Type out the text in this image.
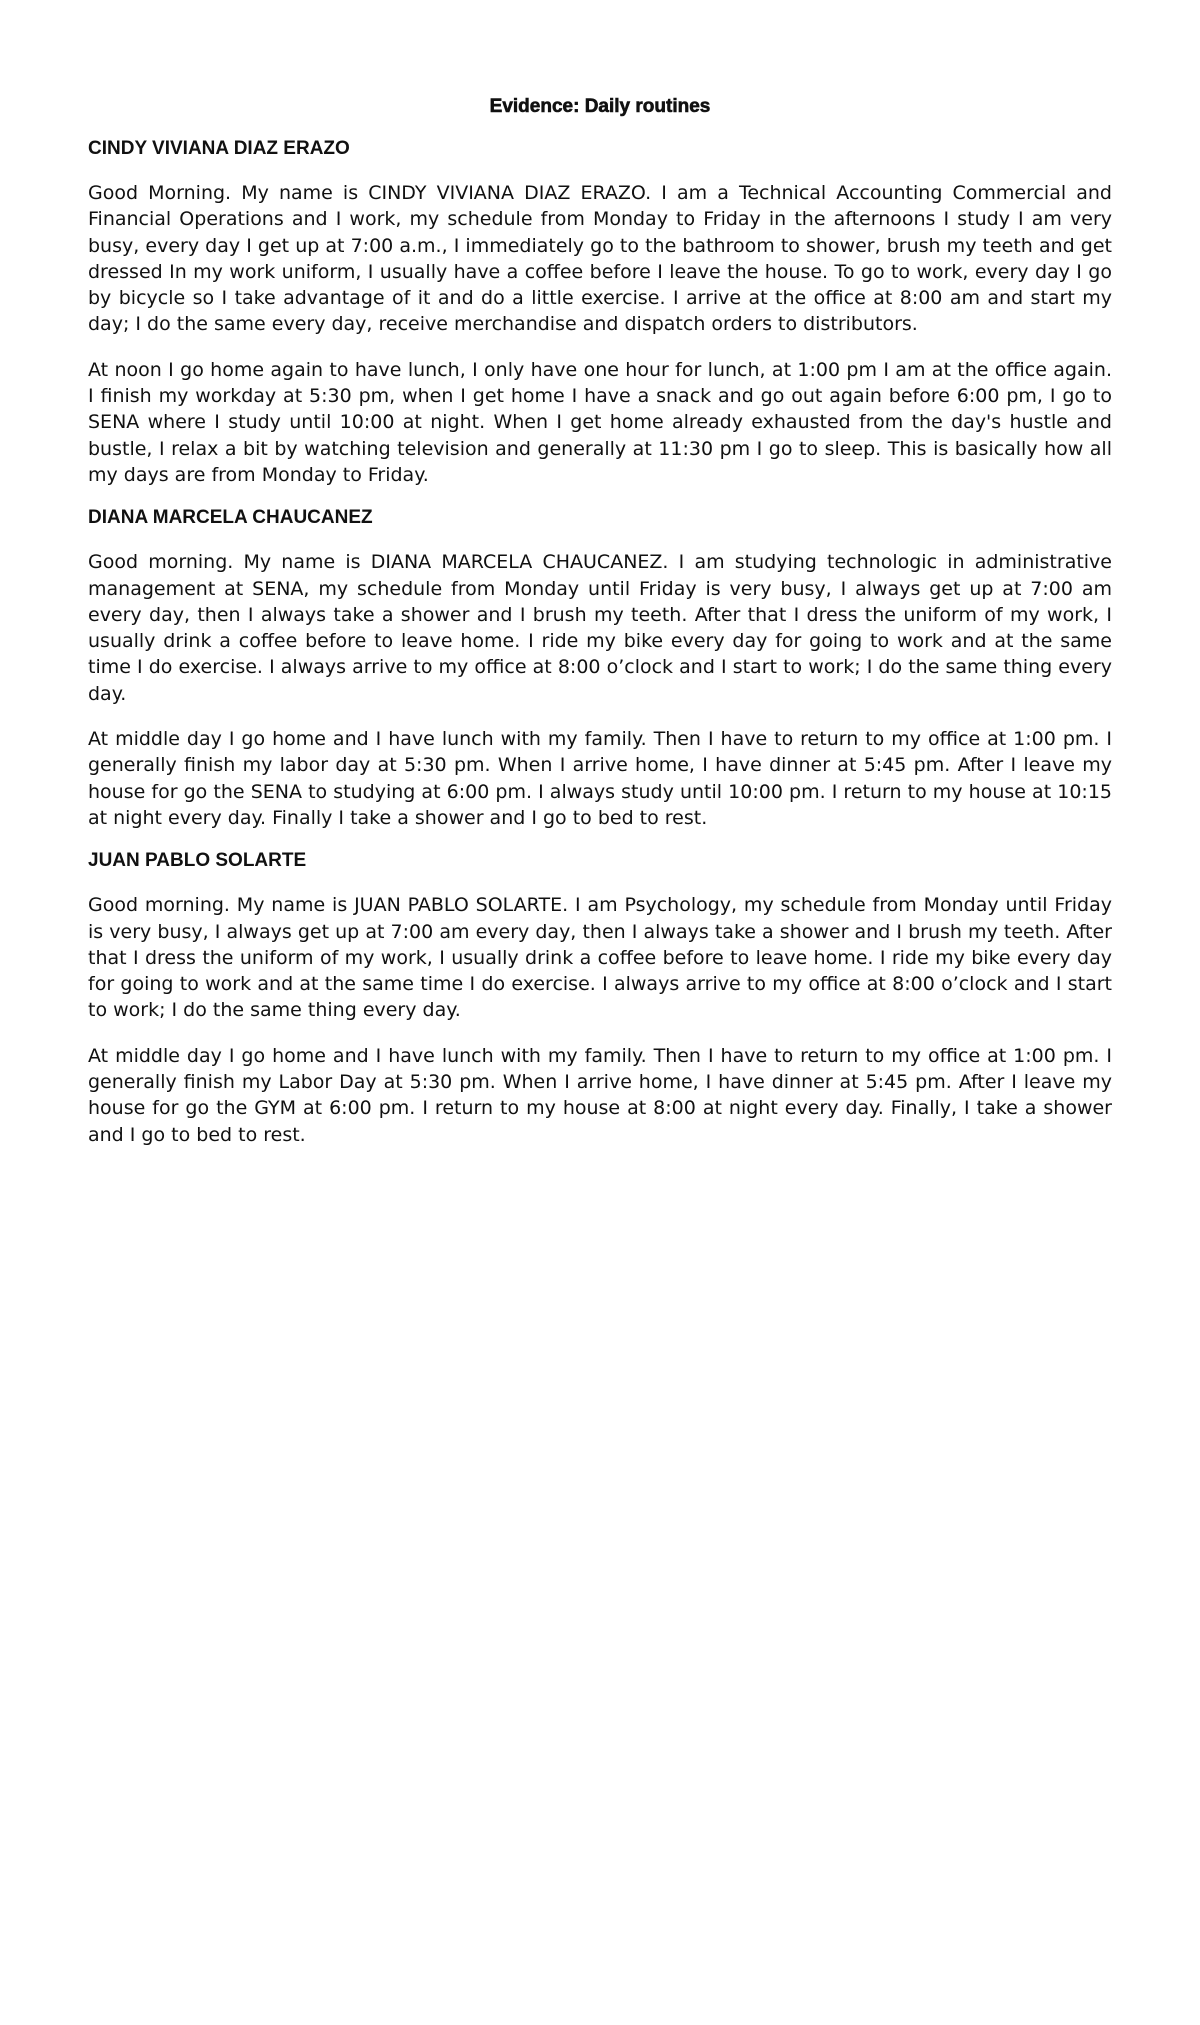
Evidence: Daily routines
CINDY VIVIANA DIAZ ERAZO

Good Morning. My name is CINDY VIVIANA DIAZ ERAZO. I am a Technical Accounting Commercial and Financial Operations and I work, my schedule from Monday to Friday in the afternoons I study I am very busy, every day I get up at 7:00 a.m., I immediately go to the bathroom to shower, brush my teeth and get dressed In my work uniform, I usually have a coffee before I leave the house. To go to work, every day I go by bicycle so I take advantage of it and do a little exercise. I arrive at the office at 8:00 am and start my day; I do the same every day, receive merchandise and dispatch orders to distributors.

At noon I go home again to have lunch, I only have one hour for lunch, at 1:00 pm I am at the office again. I finish my workday at 5:30 pm, when I get home I have a snack and go out again before 6:00 pm, I go to SENA where I study until 10:00 at night. When I get home already exhausted from the day's hustle and bustle, I relax a bit by watching television and generally at 11:30 pm I go to sleep. This is basically how all my days are from Monday to Friday.

DIANA MARCELA CHAUCANEZ

Good morning. My name is DIANA MARCELA CHAUCANEZ. I am studying technologic in administrative management at SENA, my schedule from Monday until Friday is very busy, I always get up at 7:00 am every day, then I always take a shower and I brush my teeth. After that I dress the uniform of my work, I usually drink a coffee before to leave home. I ride my bike every day for going to work and at the same time I do exercise. I always arrive to my office at 8:00 o’clock and I start to work; I do the same thing every day.

At middle day I go home and I have lunch with my family. Then I have to return to my office at 1:00 pm. I generally finish my labor day at 5:30 pm. When I arrive home, I have dinner at 5:45 pm. After I leave my house for go the SENA to studying at 6:00 pm. I always study until 10:00 pm. I return to my house at 10:15 at night every day. Finally I take a shower and I go to bed to rest.

JUAN PABLO SOLARTE

Good morning. My name is JUAN PABLO SOLARTE. I am Psychology, my schedule from Monday until Friday is very busy, I always get up at 7:00 am every day, then I always take a shower and I brush my teeth. After that I dress the uniform of my work, I usually drink a coffee before to leave home. I ride my bike every day for going to work and at the same time I do exercise. I always arrive to my office at 8:00 o’clock and I start to work; I do the same thing every day.

At middle day I go home and I have lunch with my family. Then I have to return to my office at 1:00 pm. I generally finish my Labor Day at 5:30 pm. When I arrive home, I have dinner at 5:45 pm. After I leave my house for go the GYM at 6:00 pm. I return to my house at 8:00 at night every day. Finally, I take a shower and I go to bed to rest.
